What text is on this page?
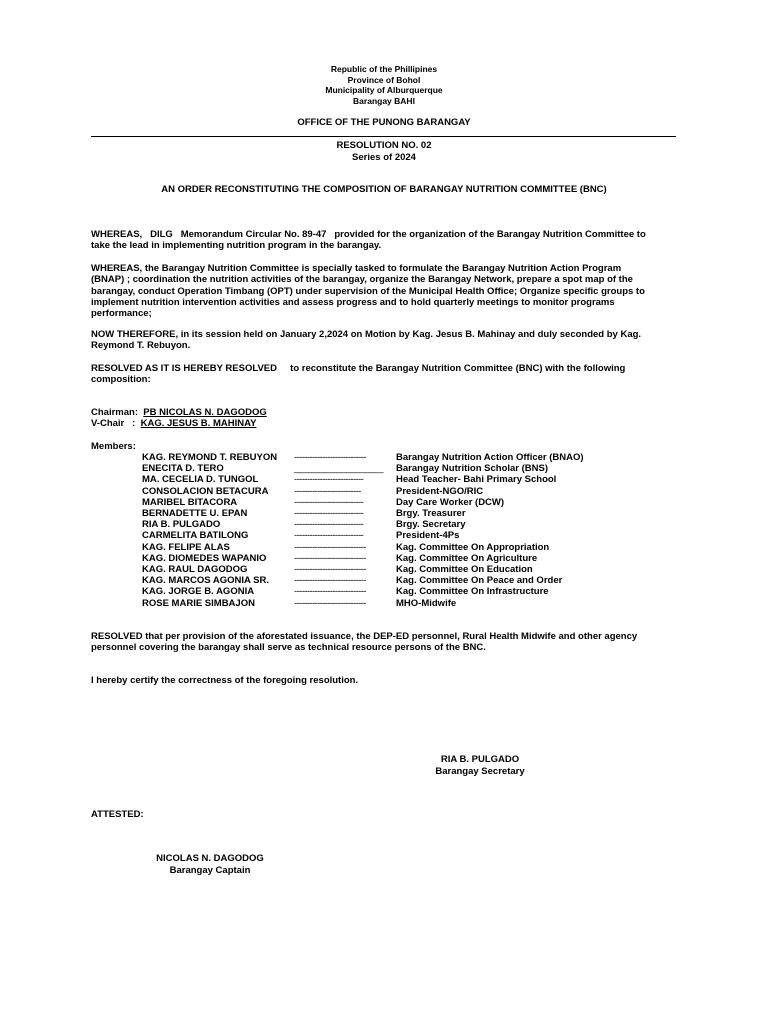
Republic of the Phillipines
Province of Bohol
Municipality of Alburquerque
Barangay BAHI
OFFICE OF THE PUNONG BARANGAY
RESOLUTION NO. 02
Series of 2024
AN ORDER RECONSTITUTING THE COMPOSITION OF BARANGAY NUTRITION COMMITTEE (BNC)
WHEREAS,   DILG   Memorandum Circular No. 89-47   provided for the organization of the Barangay Nutrition Committee to
take the lead in implementing nutrition program in the barangay.
WHEREAS, the Barangay Nutrition Committee is specially tasked to formulate the Barangay Nutrition Action Program
(BNAP) ; coordination the nutrition activities of the barangay, organize the Barangay Network, prepare a spot map of the
barangay, conduct Operation Timbang (OPT) under supervision of the Municipal Health Office; Organize specific groups to
implement nutrition intervention activities and assess progress and to hold quarterly meetings to monitor programs
performance;
NOW THEREFORE, in its session held on January 2,2024 on Motion by Kag. Jesus B. Mahinay and duly seconded by Kag.
Reymond T. Rebuyon.
RESOLVED AS IT IS HEREBY RESOLVED     to reconstitute the Barangay Nutrition Committee (BNC) with the following
composition:
Chairman: PB NICOLAS N. DAGODOG
V-Chair   : KAG. JESUS B. MAHINAY
Members:
KAG. REYMOND T. REBUYON ----------------------------	Barangay Nutrition Action Officer (BNAO)
ENECITA D. TERO	___________________ Barangay Nutrition Scholar (BNS)
MA. CECELIA D. TUNGOL	---------------------------	Head Teacher- Bahi Primary School
CONSOLACION BETACURA	--------------------------	President-NGO/RIC
MARIBEL BITACORA	---------------------------	Day Care Worker (DCW)
BERNADETTE U. EPAN	---------------------------	Brgy. Treasurer
RIA B. PULGADO	---------------------------	Brgy. Secretary
CARMELITA BATILONG	---------------------------	President-4Ps
KAG. FELIPE ALAS	----------------------------	Kag. Committee On Appropriation
KAG. DIOMEDES WAPANIO	----------------------------	Kag. Committee On Agriculture
KAG. RAUL DAGODOG	----------------------------	Kag. Committee On Education
KAG. MARCOS AGONIA SR.	----------------------------	Kag. Committee On Peace and Order
KAG. JORGE B. AGONIA	----------------------------	Kag. Committee On Infrastructure
ROSE MARIE SIMBAJON	----------------------------	MHO-Midwife
RESOLVED that per provision of the aforestated issuance, the DEP-ED personnel, Rural Health Midwife and other agency
personnel covering the barangay shall serve as technical resource persons of the BNC.
I hereby certify the correctness of the foregoing resolution.
RIA B. PULGADO
Barangay Secretary
ATTESTED:
NICOLAS N. DAGODOG
Barangay Captain
